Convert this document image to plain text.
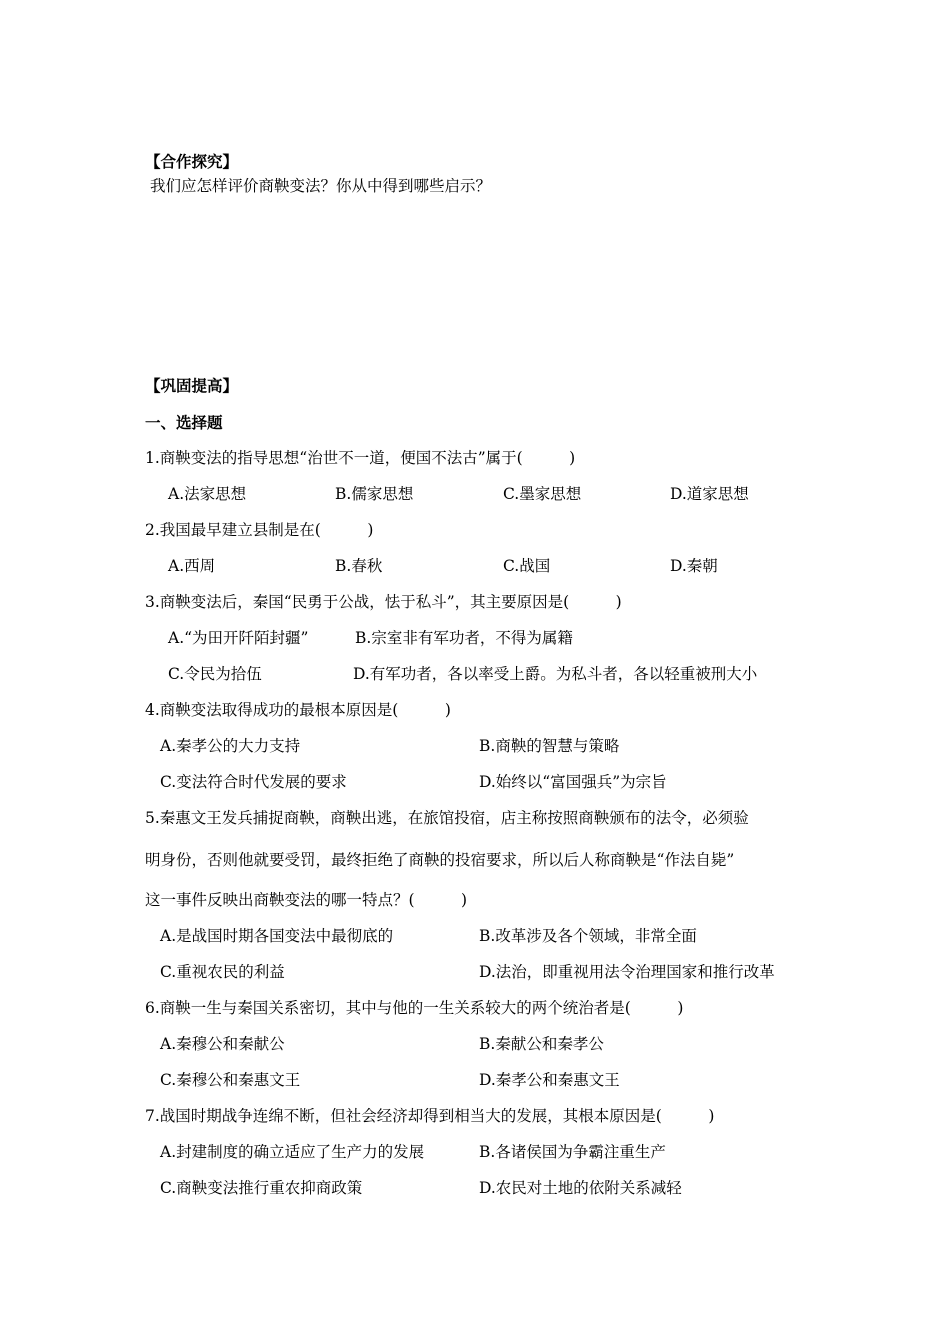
【合作探究】
我们应怎样评价商鞅变法？你从中得到哪些启示？
【巩固提高】
一、选择题
1.商鞅变法的指导思想“治世不一道，便国不法古”属于(　　　)
A.法家思想	B.儒家思想	C.墨家思想	D.道家思想
2.我国最早建立县制是在(　　　)
A.西周	B.春秋	C.战国	D.秦朝
3.商鞅变法后，秦国“民勇于公战，怯于私斗”，其主要原因是(　　　)
A.“为田开阡陌封疆”	B.宗室非有军功者，不得为属籍
C.令民为拾伍	D.有军功者，各以率受上爵。为私斗者，各以轻重被刑大小
4.商鞅变法取得成功的最根本原因是(　　　)
A.秦孝公的大力支持	B.商鞅的智慧与策略
C.变法符合时代发展的要求	D.始终以“富国强兵”为宗旨
5.秦惠文王发兵捕捉商鞅，商鞅出逃，在旅馆投宿，店主称按照商鞅颁布的法令，必须验
明身份，否则他就要受罚，最终拒绝了商鞅的投宿要求，所以后人称商鞅是“作法自毙”
这一事件反映出商鞅变法的哪一特点？(　　　)
A.是战国时期各国变法中最彻底的	B.改革涉及各个领域，非常全面
C.重视农民的利益	D.法治，即重视用法令治理国家和推行改革
6.商鞅一生与秦国关系密切，其中与他的一生关系较大的两个统治者是(　　　)
A.秦穆公和秦献公	B.秦献公和秦孝公
C.秦穆公和秦惠文王	D.秦孝公和秦惠文王
7.战国时期战争连绵不断，但社会经济却得到相当大的发展，其根本原因是(　　　)
A.封建制度的确立适应了生产力的发展	B.各诸侯国为争霸注重生产
C.商鞅变法推行重农抑商政策	D.农民对土地的依附关系减轻
